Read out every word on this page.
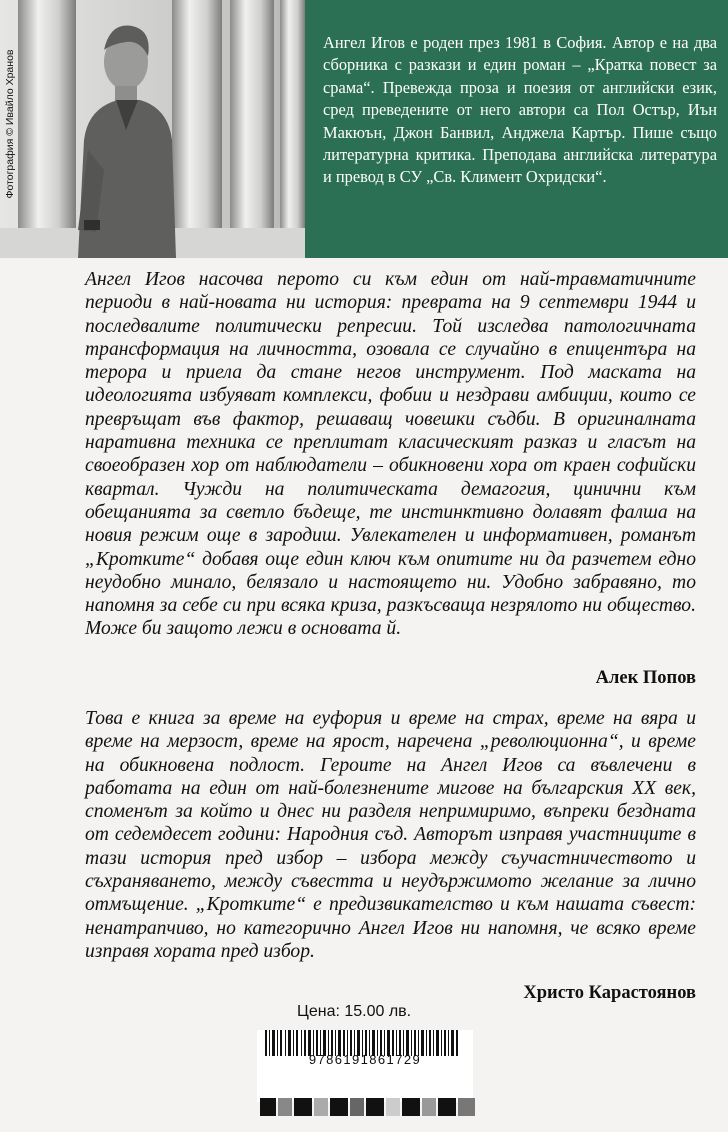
Фотография © Ивайло Хранов

Ангел Игов е роден през 1981 в София. Автор е на два сборника с разкази и един роман – „Кратка повест за срама“. Превежда проза и поезия от английски език, сред преведените от него автори са Пол Остър, Иън Макюън, Джон Банвил, Анджела Картър. Пише също литературна критика. Преподава английска литература и превод в СУ „Св. Климент Охридски“.

Ангел Игов насочва перото си към един от най-травматичните периоди в най-новата ни история: преврата на 9 септември 1944 и последвалите политически репресии. Той изследва патологичната трансформация на личността, озовала се случайно в епицентъра на терора и приела да стане негов инструмент. Под маската на идеологията избуяват комплекси, фобии и нездрави амбиции, които се превръщат във фактор, решаващ човешки съдби. В оригиналната наративна техника се преплитат класическият разказ и гласът на своеобразен хор от наблюдатели – обикновени хора от краен софийски квартал. Чужди на политическата демагогия, цинични към обещанията за светло бъдеще, те инстинктивно долавят фалша на новия режим още в зародиш. Увлекателен и информативен, романът „Кротките“ добавя още един ключ към опитите ни да разчетем едно неудобно минало, белязало и настоящето ни. Удобно забравяно, то напомня за себе си при всяка криза, разкъсваща незрялото ни общество. Може би защото лежи в основата й.

Алек Попов

Това е книга за време на еуфория и време на страх, време на вяра и време на мерзост, време на ярост, наречена „революционна“, и време на обикновена подлост. Героите на Ангел Игов са въвлечени в работата на един от най-болезнените мигове на българския XX век, споменът за който и днес ни разделя непримиримо, въпреки бездната от седемдесет години: Народния съд. Авторът изправя участниците в тази история пред избор – избора между съучастничеството и съхраняването, между съвестта и неудържимото желание за лично отмъщение. „Кротките“ е предизвикателство и към нашата съвест: ненатрапчиво, но категорично Ангел Игов ни напомня, че всяко време изправя хората пред избор.

Христо Карастоянов

Цена: 15.00 лв.
9786191861729
